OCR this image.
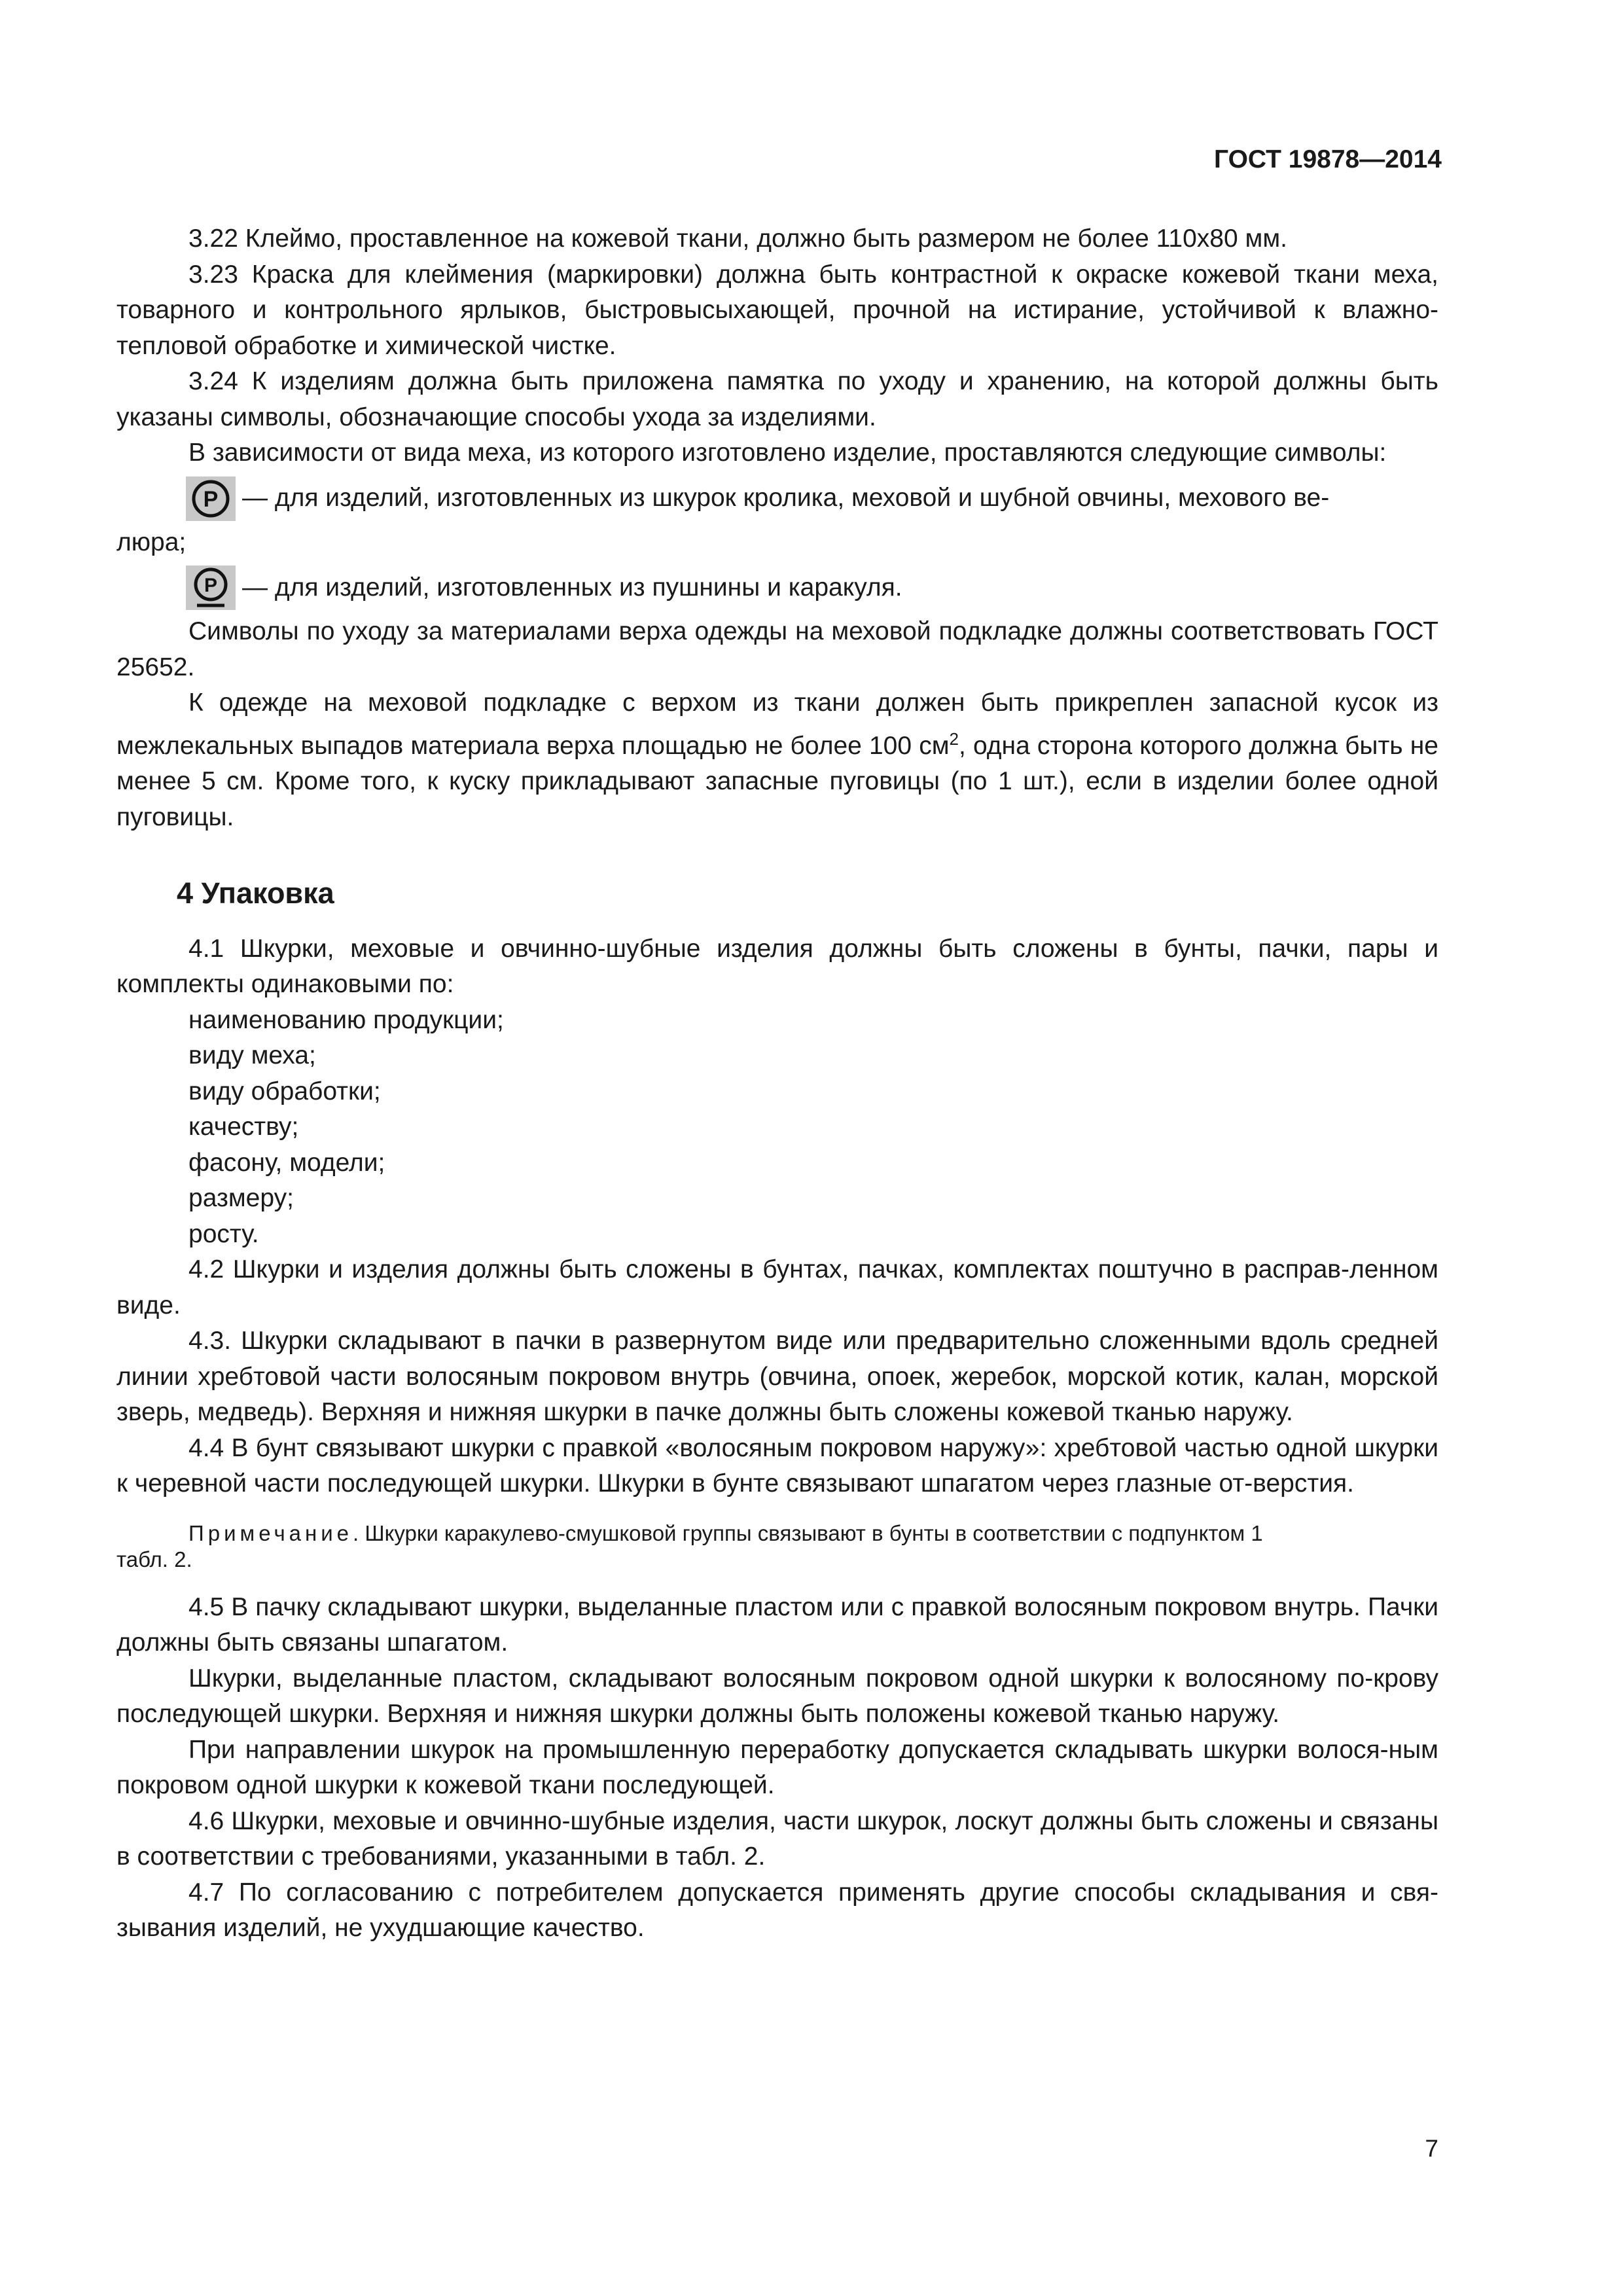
ГОСТ 19878—2014

3.22 Клеймо, проставленное на кожевой ткани, должно быть размером не более 110х80 мм.

3.23 Краска для клеймения (маркировки) должна быть контрастной к окраске кожевой ткани меха, товарного и контрольного ярлыков, быстровысыхающей, прочной на истирание, устойчивой к влажно-тепловой обработке и химической чистке.

3.24 К изделиям должна быть приложена памятка по уходу и хранению, на которой должны быть указаны символы, обозначающие способы ухода за изделиями.

В зависимости от вида меха, из которого изготовлено изделие, проставляются следующие символы:

P — для изделий, изготовленных из шкурок кролика, меховой и шубной овчины, мехового ве-

люра;

P — для изделий, изготовленных из пушнины и каракуля.

Символы по уходу за материалами верха одежды на меховой подкладке должны соответствовать ГОСТ 25652.

К одежде на меховой подкладке с верхом из ткани должен быть прикреплен запасной кусок из межлекальных выпадов материала верха площадью не более 100 $см^2$, одна сторона которого должна быть не менее 5 см. Кроме того, к куску прикладывают запасные пуговицы (по 1 шт.), если в изделии более одной пуговицы.

4 Упаковка

4.1 Шкурки, меховые и овчинно-шубные изделия должны быть сложены в бунты, пачки, пары и комплекты одинаковыми по:

наименованию продукции;

виду меха;

виду обработки;

качеству;

фасону, модели;

размеру;

росту.

4.2 Шкурки и изделия должны быть сложены в бунтах, пачках, комплектах поштучно в расправ-ленном виде.

4.3. Шкурки складывают в пачки в развернутом виде или предварительно сложенными вдоль средней линии хребтовой части волосяным покровом внутрь (овчина, опоек, жеребок, морской котик, калан, морской зверь, медведь). Верхняя и нижняя шкурки в пачке должны быть сложены кожевой тканью наружу.

4.4 В бунт связывают шкурки с правкой «волосяным покровом наружу»: хребтовой частью одной шкурки к черевной части последующей шкурки. Шкурки в бунте связывают шпагатом через глазные от-верстия.

Примечание. Шкурки каракулево-смушковой группы связывают в бунты в соответствии с подпунктом 1

табл. 2.

4.5 В пачку складывают шкурки, выделанные пластом или с правкой волосяным покровом внутрь. Пачки должны быть связаны шпагатом.

Шкурки, выделанные пластом, складывают волосяным покровом одной шкурки к волосяному по-крову последующей шкурки. Верхняя и нижняя шкурки должны быть положены кожевой тканью наружу.

При направлении шкурок на промышленную переработку допускается складывать шкурки волося-ным покровом одной шкурки к кожевой ткани последующей.

4.6 Шкурки, меховые и овчинно-шубные изделия, части шкурок, лоскут должны быть сложены и связаны в соответствии с требованиями, указанными в табл. 2.

4.7 По согласованию с потребителем допускается применять другие способы складывания и свя-зывания изделий, не ухудшающие качество.

7
